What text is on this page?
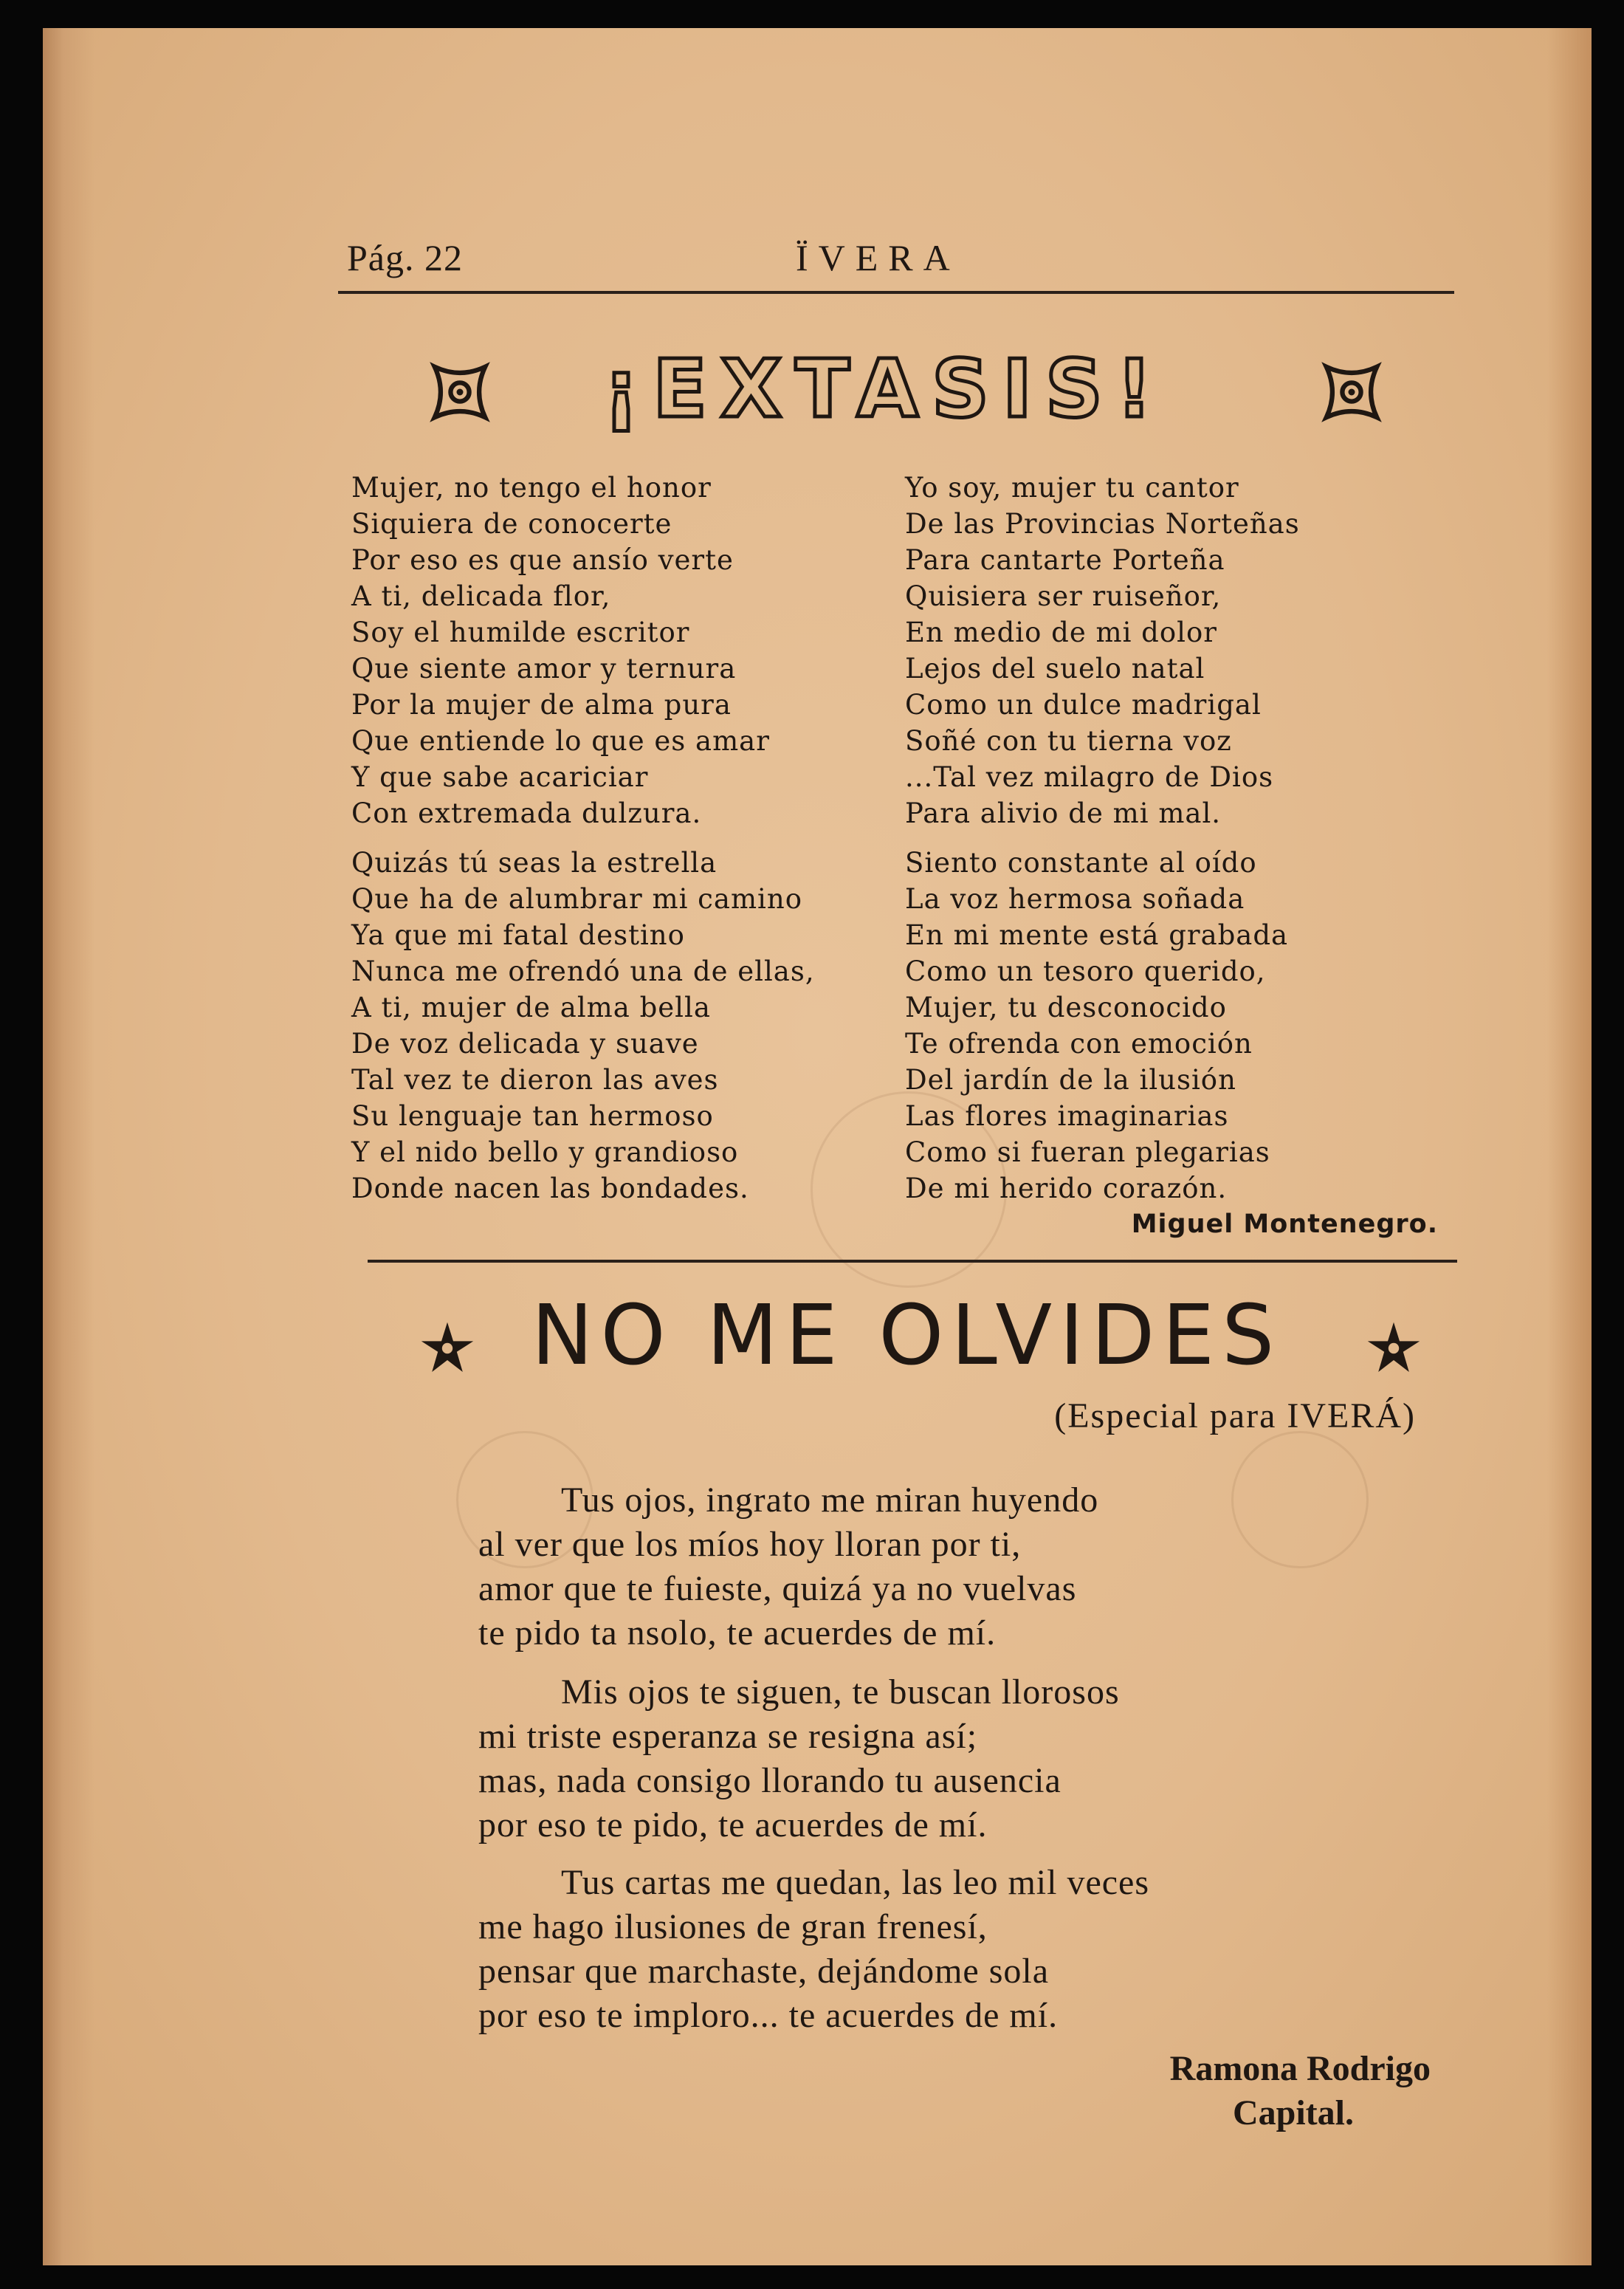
Pág. 22	ÏVERA
¡EXTASIS!
Mujer, no tengo el honor
Siquiera de conocerte
Por eso es que ansío verte
A ti, delicada flor,
Soy el humilde escritor
Que siente amor y ternura
Por la mujer de alma pura
Que entiende lo que es amar
Y que sabe acariciar
Con extremada dulzura.
Yo soy, mujer tu cantor
De las Provincias Norteñas
Para cantarte Porteña
Quisiera ser ruiseñor,
En medio de mi dolor
Lejos del suelo natal
Como un dulce madrigal
Soñé con tu tierna voz
...Tal vez milagro de Dios
Para alivio de mi mal.
Quizás tú seas la estrella
Que ha de alumbrar mi camino
Ya que mi fatal destino
Nunca me ofrendó una de ellas,
A ti, mujer de alma bella
De voz delicada y suave
Tal vez te dieron las aves
Su lenguaje tan hermoso
Y el nido bello y grandioso
Donde nacen las bondades.
Siento constante al oído
La voz hermosa soñada
En mi mente está grabada
Como un tesoro querido,
Mujer, tu desconocido
Te ofrenda con emoción
Del jardín de la ilusión
Las flores imaginarias
Como si fueran plegarias
De mi herido corazón.
Miguel Montenegro.
NO ME OLVIDES
(Especial para IVERÁ)
Tus ojos, ingrato me miran huyendo
al ver que los míos hoy lloran por ti,
amor que te fuieste, quizá ya no vuelvas
te pido ta nsolo, te acuerdes de mí.
Mis ojos te siguen, te buscan llorosos
mi triste esperanza se resigna así;
mas, nada consigo llorando tu ausencia
por eso te pido, te acuerdes de mí.
Tus cartas me quedan, las leo mil veces
me hago ilusiones de gran frenesí,
pensar que marchaste, dejándome sola
por eso te imploro... te acuerdes de mí.
Ramona Rodrigo
Capital.
